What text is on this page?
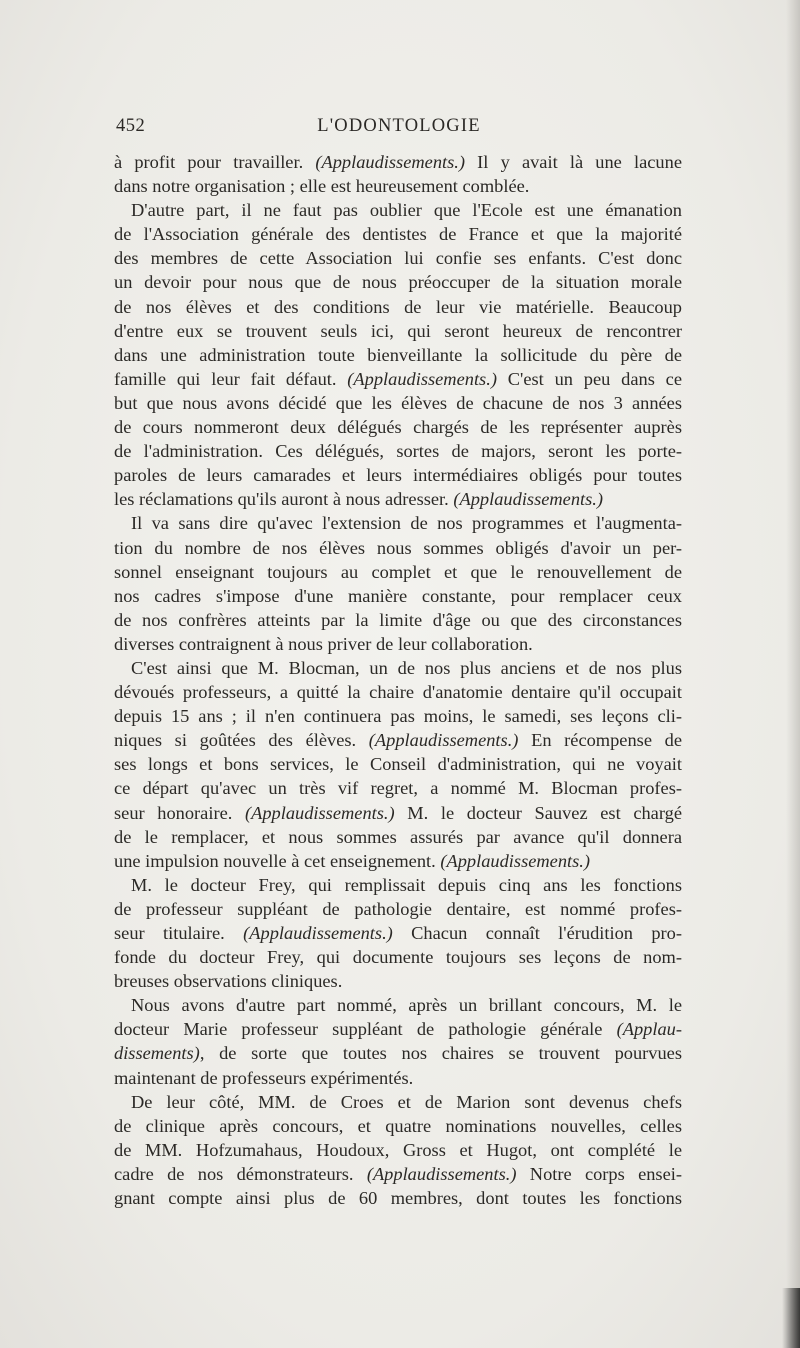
452	L'ODONTOLOGIE
à profit pour travailler. (Applaudissements.) Il y avait là une lacune
dans notre organisation ; elle est heureusement comblée.
D'autre part, il ne faut pas oublier que l'Ecole est une émanation
de l'Association générale des dentistes de France et que la majorité
des membres de cette Association lui confie ses enfants. C'est donc
un devoir pour nous que de nous préoccuper de la situation morale
de nos élèves et des conditions de leur vie matérielle. Beaucoup
d'entre eux se trouvent seuls ici, qui seront heureux de rencontrer
dans une administration toute bienveillante la sollicitude du père de
famille qui leur fait défaut. (Applaudissements.) C'est un peu dans ce
but que nous avons décidé que les élèves de chacune de nos 3 années
de cours nommeront deux délégués chargés de les représenter auprès
de l'administration. Ces délégués, sortes de majors, seront les porte-
paroles de leurs camarades et leurs intermédiaires obligés pour toutes
les réclamations qu'ils auront à nous adresser. (Applaudissements.)
Il va sans dire qu'avec l'extension de nos programmes et l'augmenta-
tion du nombre de nos élèves nous sommes obligés d'avoir un per-
sonnel enseignant toujours au complet et que le renouvellement de
nos cadres s'impose d'une manière constante, pour remplacer ceux
de nos confrères atteints par la limite d'âge ou que des circonstances
diverses contraignent à nous priver de leur collaboration.
C'est ainsi que M. Blocman, un de nos plus anciens et de nos plus
dévoués professeurs, a quitté la chaire d'anatomie dentaire qu'il occupait
depuis 15 ans ; il n'en continuera pas moins, le samedi, ses leçons cli-
niques si goûtées des élèves. (Applaudissements.) En récompense de
ses longs et bons services, le Conseil d'administration, qui ne voyait
ce départ qu'avec un très vif regret, a nommé M. Blocman profes-
seur honoraire. (Applaudissements.) M. le docteur Sauvez est chargé
de le remplacer, et nous sommes assurés par avance qu'il donnera
une impulsion nouvelle à cet enseignement. (Applaudissements.)
M. le docteur Frey, qui remplissait depuis cinq ans les fonctions
de professeur suppléant de pathologie dentaire, est nommé profes-
seur titulaire. (Applaudissements.) Chacun connaît l'érudition pro-
fonde du docteur Frey, qui documente toujours ses leçons de nom-
breuses observations cliniques.
Nous avons d'autre part nommé, après un brillant concours, M. le
docteur Marie professeur suppléant de pathologie générale (Applau-
dissements), de sorte que toutes nos chaires se trouvent pourvues
maintenant de professeurs expérimentés.
De leur côté, MM. de Croes et de Marion sont devenus chefs
de clinique après concours, et quatre nominations nouvelles, celles
de MM. Hofzumahaus, Houdoux, Gross et Hugot, ont complété le
cadre de nos démonstrateurs. (Applaudissements.) Notre corps ensei-
gnant compte ainsi plus de 60 membres, dont toutes les fonctions
